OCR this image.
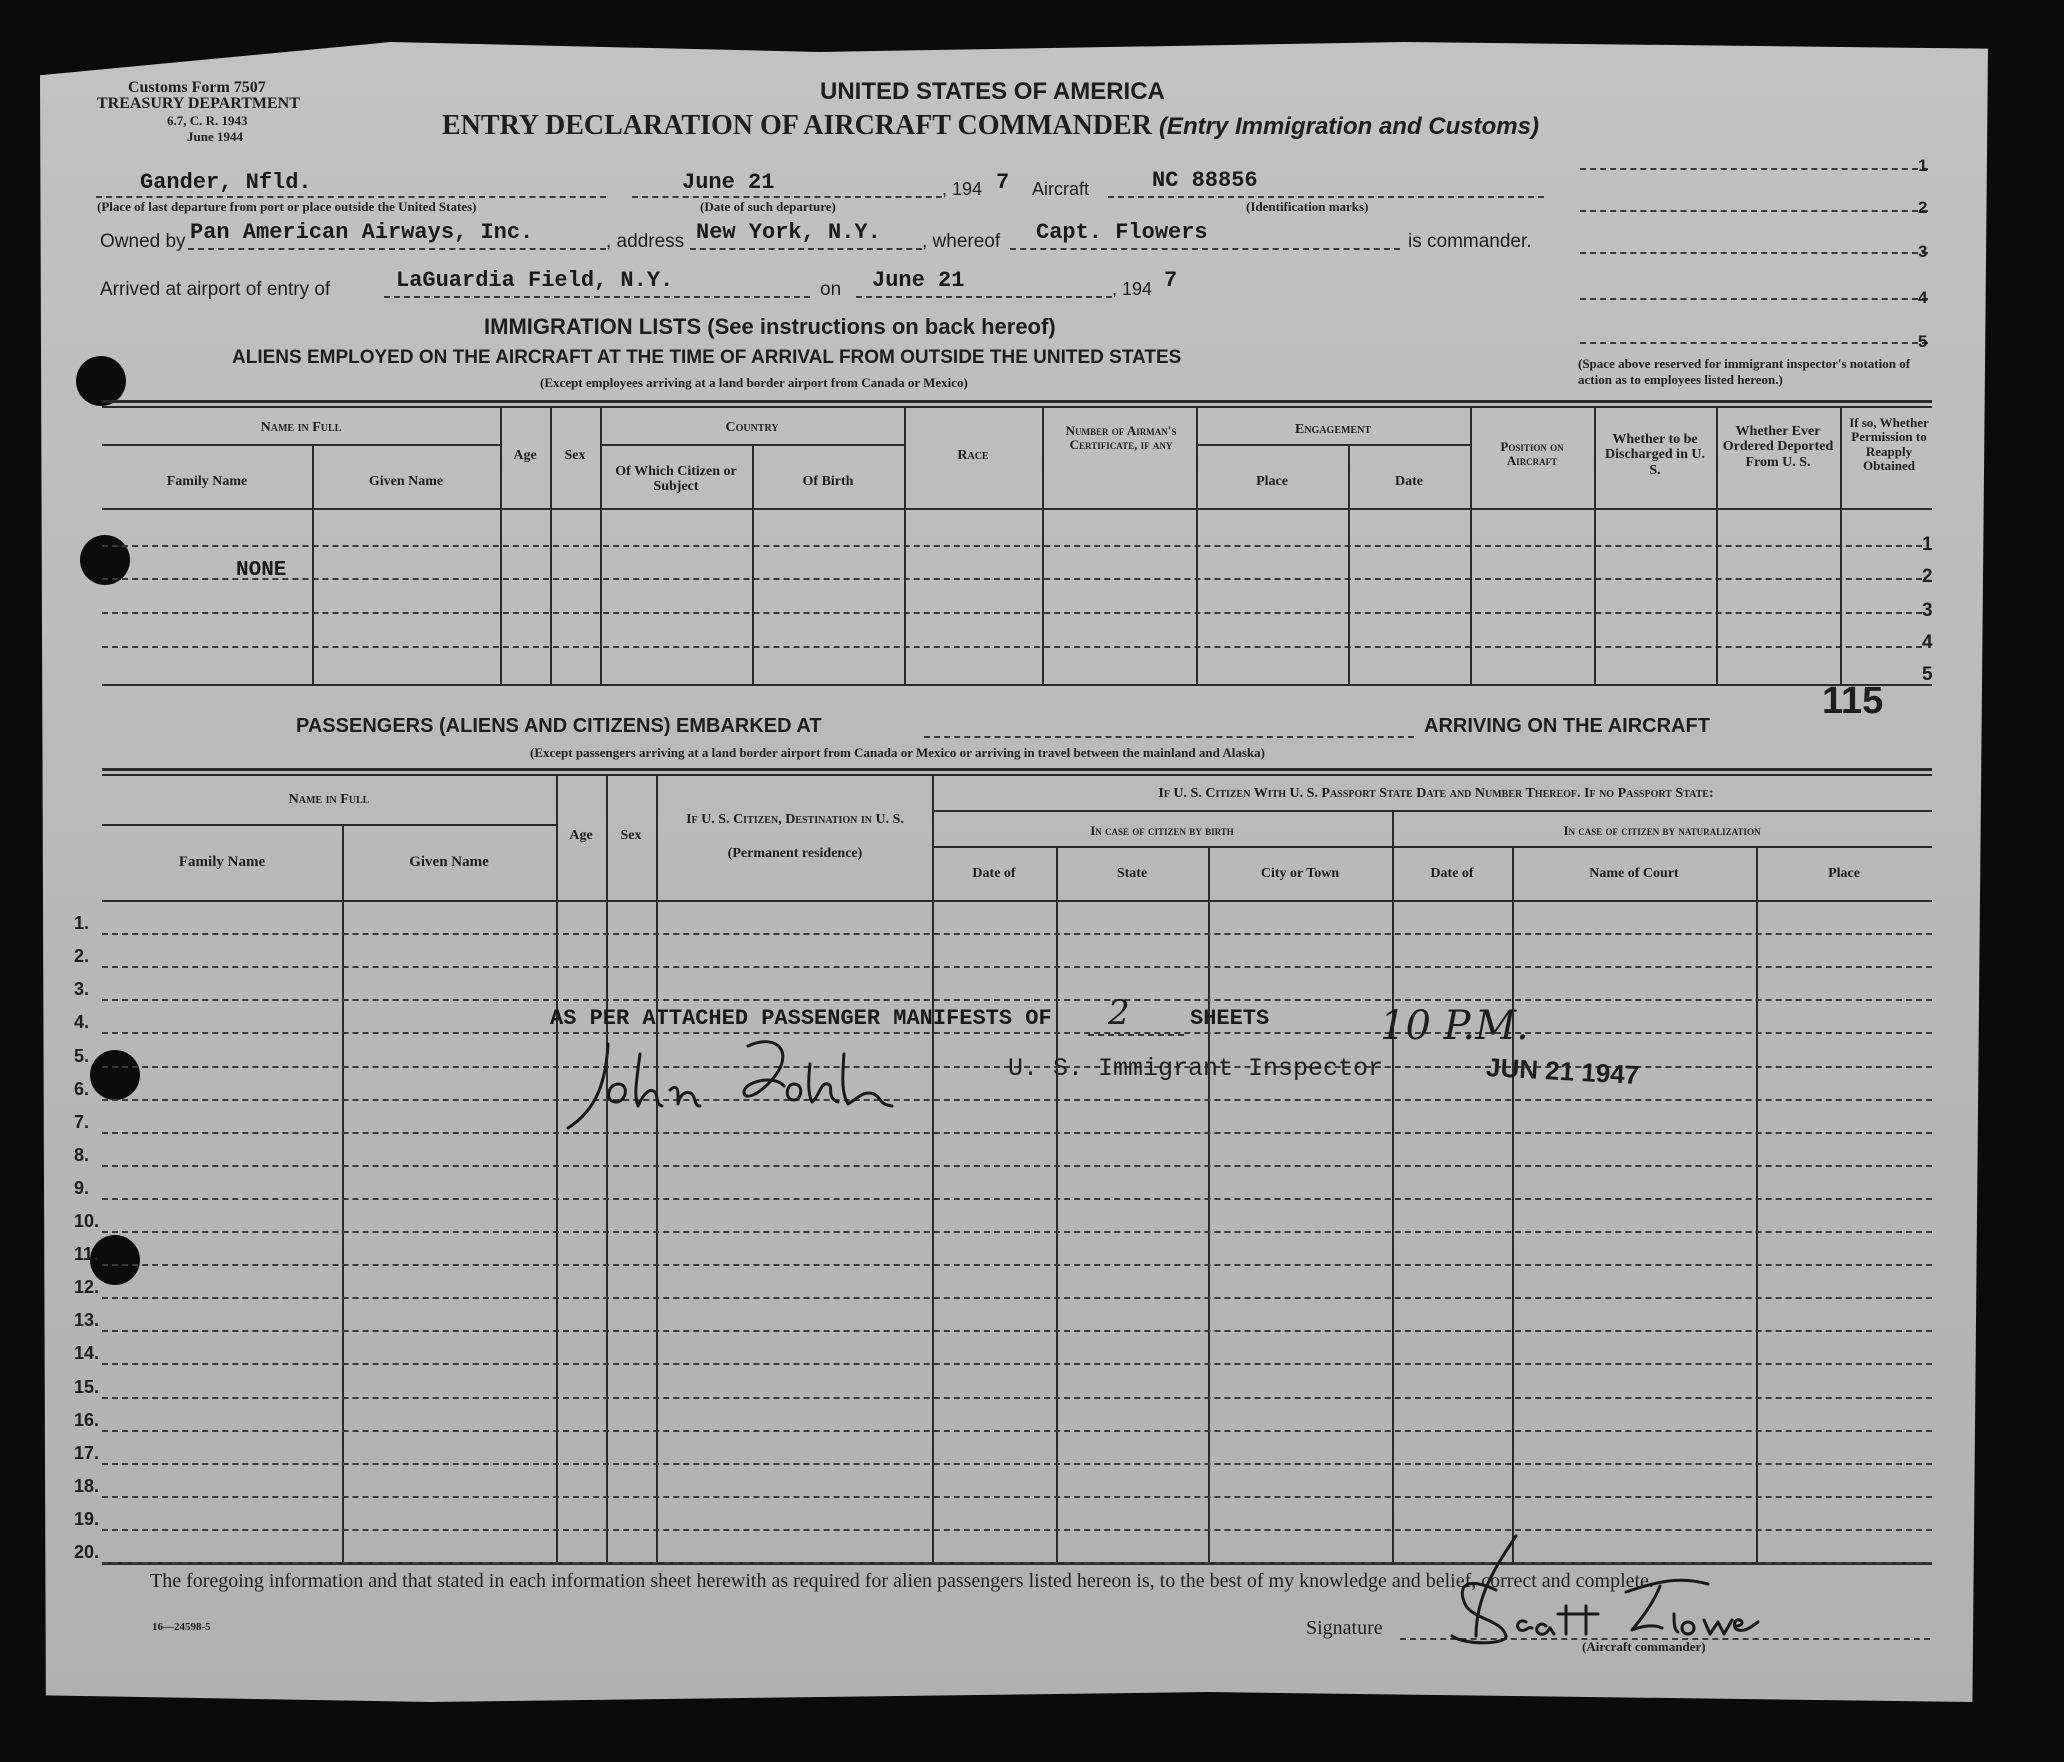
Customs Form 7507
TREASURY DEPARTMENT
6.7, C. R. 1943
June 1944
UNITED STATES OF AMERICA
ENTRY DECLARATION OF AIRCRAFT COMMANDER (Entry Immigration and Customs)
Gander, Nfld.
(Place of last departure from port or place outside the United States)
June 21
(Date of such departure)
, 194 7 Aircraft	NC 88856
(Identification marks)
Owned by Pan American Airways, Inc.	, address New York, N.Y. , whereof Capt. Flowers	is commander.
Arrived at airport of entry of	LaGuardia Field, N.Y.	on June 21	, 194 7
1
2
3
4
5
(Space above reserved for immigrant inspector's notation of action as to employees listed hereon.)
IMMIGRATION LISTS (See instructions on back hereof)
ALIENS EMPLOYED ON THE AIRCRAFT AT THE TIME OF ARRIVAL FROM OUTSIDE THE UNITED STATES
(Except employees arriving at a land border airport from Canada or Mexico)
Name in Full
Family Name	Given Name
Age	Sex
Country
Of Which Citizen or Subject	Of Birth
Race
Number of Airman's Certificate, if any
Engagement
Place	Date
Position on Aircraft
Whether to be Discharged in U. S.
Whether Ever Ordered Deported From U. S.
If so, Whether Permission to Reapply Obtained
NONE
1
2
3
4
5
115
PASSENGERS (ALIENS AND CITIZENS) EMBARKED AT	ARRIVING ON THE AIRCRAFT
(Except passengers arriving at a land border airport from Canada or Mexico or arriving in travel between the mainland and Alaska)
Name in Full
Family Name	Given Name
Age	Sex
If U. S. Citizen, Destination in U. S.
(Permanent residence)
If U. S. Citizen With U. S. Passport State Date and Number Thereof. If no Passport State:
In case of citizen by birth	In case of citizen by naturalization
Date of	State	City or Town	Date of	Name of Court	Place
1.
2.
3.
4.
5.
6.
7.
8.
9.
10.
11.
12.
13.
14.
15.
16.
17.
18.
19.
20.
AS PER ATTACHED PASSENGER MANIFESTS OF 2	SHEETS	10 P.M.
U. S. Immigrant Inspector	JUN 21 1947
The foregoing information and that stated in each information sheet herewith as required for alien passengers listed hereon is, to the best of my knowledge and belief, correct and complete.
16—24598-5	Signature
(Aircraft commander)
